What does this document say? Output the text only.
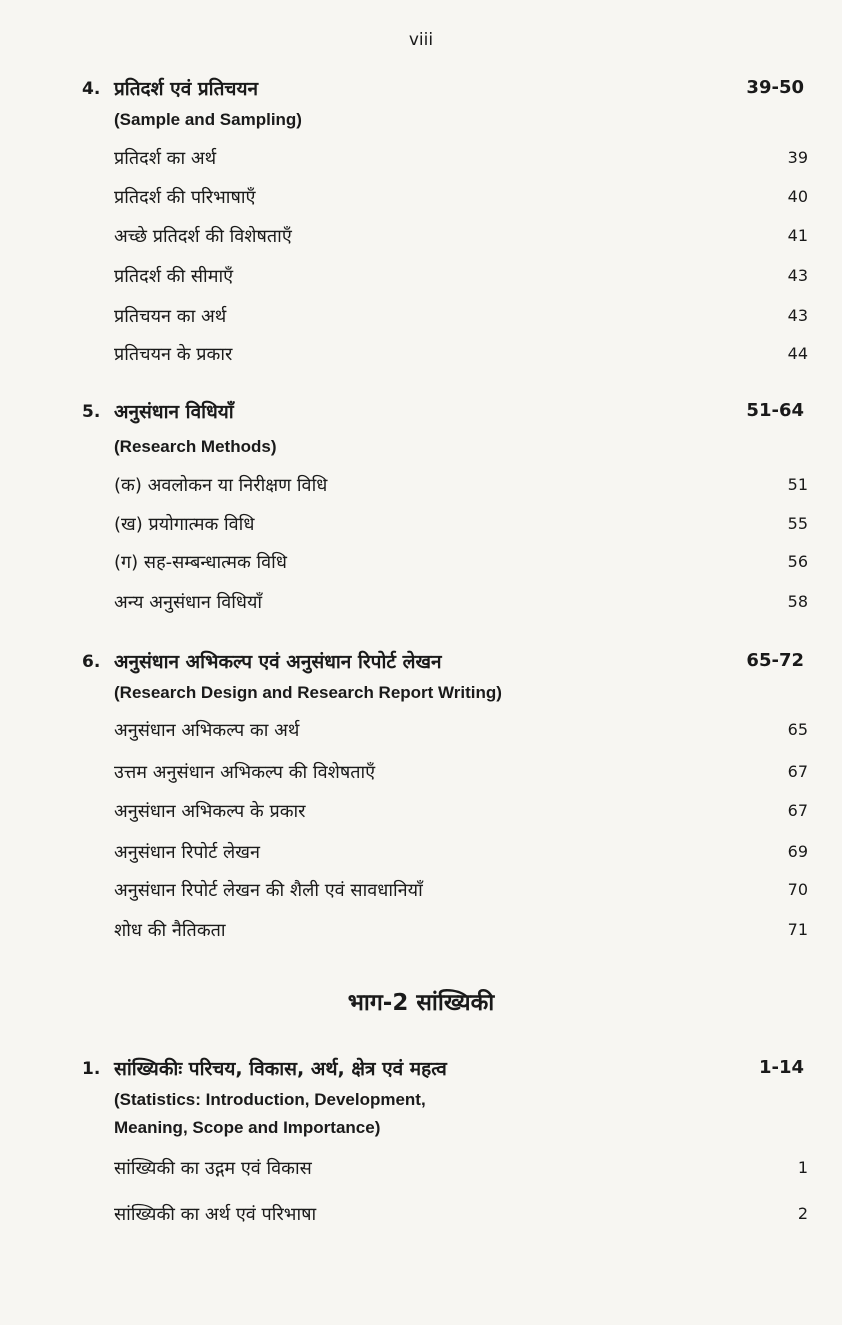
viii
4. प्रतिदर्श एवं प्रतिचयन	39-50
(Sample and Sampling)
प्रतिदर्श का अर्थ	39
प्रतिदर्श की परिभाषाएँ	40
अच्छे प्रतिदर्श की विशेषताएँ	41
प्रतिदर्श की सीमाएँ	43
प्रतिचयन का अर्थ	43
प्रतिचयन के प्रकार	44
5. अनुसंधान विधियाँ	51-64
(Research Methods)
(क) अवलोकन या निरीक्षण विधि	51
(ख) प्रयोगात्मक विधि	55
(ग) सह-सम्बन्धात्मक विधि	56
अन्य अनुसंधान विधियाँ	58
6. अनुसंधान अभिकल्प एवं अनुसंधान रिपोर्ट लेखन	65-72
(Research Design and Research Report Writing)
अनुसंधान अभिकल्प का अर्थ	65
उत्तम अनुसंधान अभिकल्प की विशेषताएँ	67
अनुसंधान अभिकल्प के प्रकार	67
अनुसंधान रिपोर्ट लेखन	69
अनुसंधान रिपोर्ट लेखन की शैली एवं सावधानियाँ	70
शोध की नैतिकता	71
भाग-2 सांख्यिकी
1. सांख्यिकीः परिचय, विकास, अर्थ, क्षेत्र एवं महत्व	1-14
(Statistics: Introduction, Development,
Meaning, Scope and Importance)
सांख्यिकी का उद्गम एवं विकास	1
सांख्यिकी का अर्थ एवं परिभाषा	2
